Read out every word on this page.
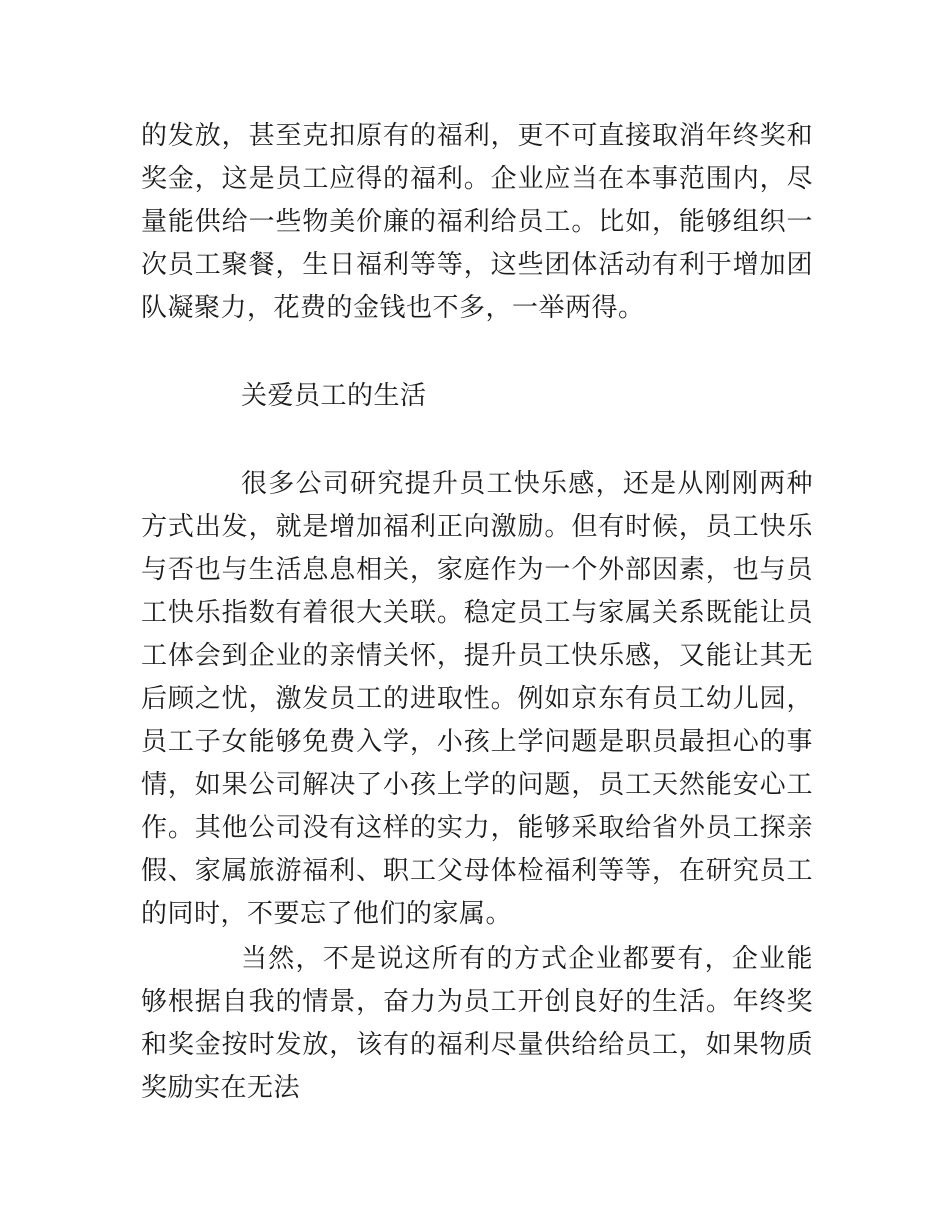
的发放，甚至克扣原有的福利，更不可直接取消年终奖和奖金，这是员工应得的福利。企业应当在本事范围内，尽量能供给一些物美价廉的福利给员工。比如，能够组织一次员工聚餐，生日福利等等，这些团体活动有利于增加团队凝聚力，花费的金钱也不多，一举两得。

关爱员工的生活

很多公司研究提升员工快乐感，还是从刚刚两种方式出发，就是增加福利正向激励。但有时候，员工快乐与否也与生活息息相关，家庭作为一个外部因素，也与员工快乐指数有着很大关联。稳定员工与家属关系既能让员工体会到企业的亲情关怀，提升员工快乐感，又能让其无后顾之忧，激发员工的进取性。例如京东有员工幼儿园，员工子女能够免费入学，小孩上学问题是职员最担心的事情，如果公司解决了小孩上学的问题，员工天然能安心工作。其他公司没有这样的实力，能够采取给省外员工探亲假、家属旅游福利、职工父母体检福利等等，在研究员工的同时，不要忘了他们的家属。

当然，不是说这所有的方式企业都要有，企业能够根据自我的情景，奋力为员工开创良好的生活。年终奖和奖金按时发放，该有的福利尽量供给给员工，如果物质奖励实在无法
